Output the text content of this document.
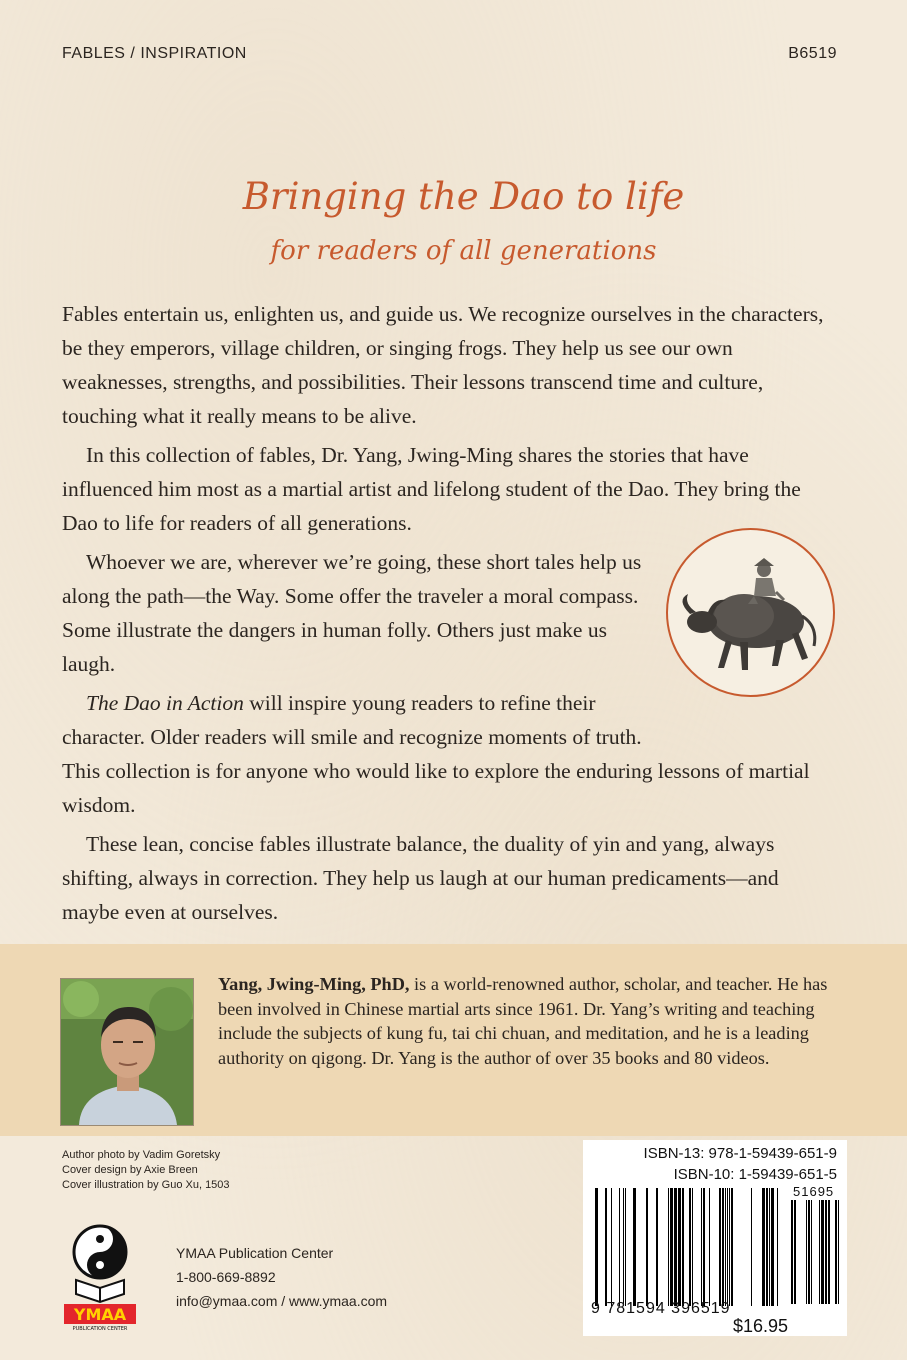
FABLES / INSPIRATION	B6519
Bringing the Dao to life
for readers of all generations

Fables entertain us, enlighten us, and guide us. We recognize ourselves in the characters, be they emperors, village children, or singing frogs. They help us see our own weaknesses, strengths, and possibilities. Their lessons transcend time and culture, touching what it really means to be alive.

In this collection of fables, Dr. Yang, Jwing-Ming shares the stories that have influenced him most as a martial artist and lifelong student of the Dao. They bring the Dao to life for readers of all generations.

Whoever we are, wherever we’re going, these short tales help us along the path—the Way. Some offer the traveler a moral compass. Some illustrate the dangers in human folly. Others just make us laugh.

The Dao in Action will inspire young readers to refine their character. Older readers will smile and recognize moments of truth.
This collection is for anyone who would like to explore the enduring lessons of martial wisdom.

These lean, concise fables illustrate balance, the duality of yin and yang, always shifting, always in correction. They help us laugh at our human predicaments—and maybe even at ourselves.

Yang, Jwing-Ming, PhD, is a world-renowned author, scholar, and teacher. He has been involved in Chinese martial arts since 1961. Dr. Yang’s writing and teaching include the subjects of kung fu, tai chi chuan, and meditation, and he is a leading authority on qigong. Dr. Yang is the author of over 35 books and 80 videos.
Author photo by Vadim Goretsky
Cover design by Axie Breen
Cover illustration by Guo Xu, 1503
YMAA
PUBLICATION CENTER
YMAA Publication Center
1-800-669-8892
info@ymaa.com / www.ymaa.com
ISBN-13: 978-1-59439-651-9
ISBN-10: 1-59439-651-5
51695
9 781594 396519
$16.95
